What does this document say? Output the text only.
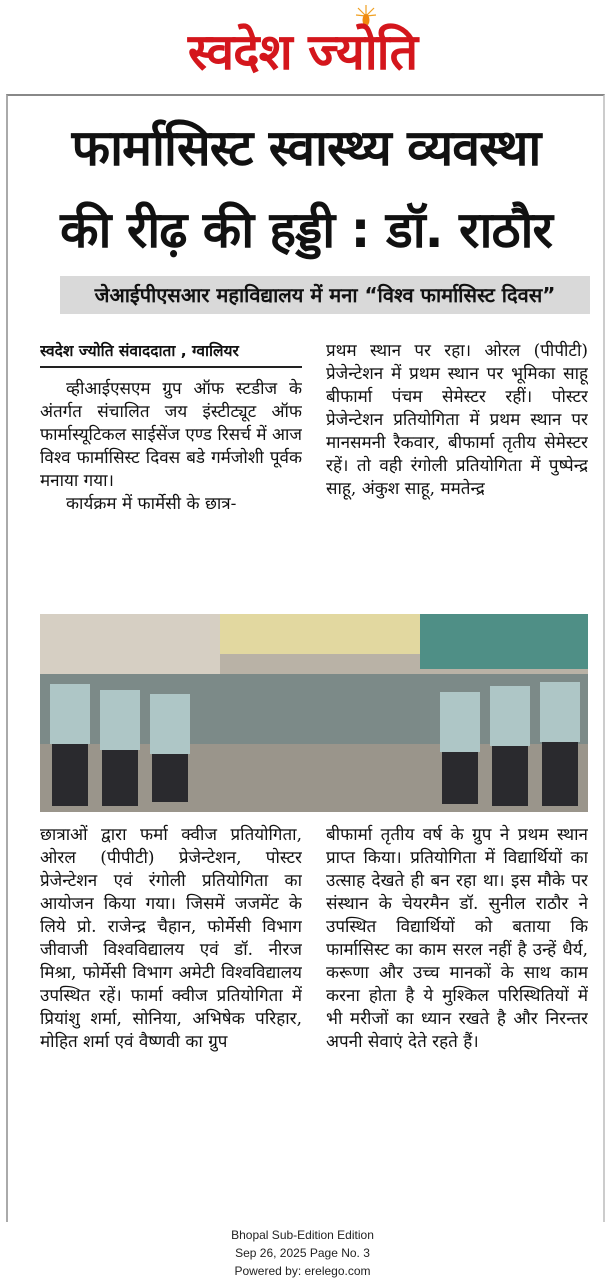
स्वदेश ज्योति
फार्मासिस्ट स्वास्थ्य व्यवस्था
की रीढ़ की हड्डी : डॉ. राठौर
जेआईपीएसआर महाविद्यालय में मना “विश्व फार्मासिस्ट दिवस”
स्वदेश ज्योति संवाददाता , ग्वालियर

व्हीआईएसएम ग्रुप ऑफ स्टडीज के अंतर्गत संचालित जय इंस्टीट्यूट ऑफ फार्मास्यूटिकल साईसेंज एण्ड रिसर्च में आज विश्व फार्मासिस्ट दिवस बडे गर्मजोशी पूर्वक मनाया गया।

कार्यक्रम में फार्मेसी के छात्र-

प्रथम स्थान पर रहा। ओरल (पीपीटी) प्रेजेन्टेशन में प्रथम स्थान पर भूमिका साहू बीफार्मा पंचम सेमेस्टर रहीं। पोस्टर प्रेजेन्टेशन प्रतियोगिता में प्रथम स्थान पर मानसमनी रैकवार, बीफार्मा तृतीय सेमेस्टर रहें। तो वही रंगोली प्रतियोगिता में पुष्पेन्द्र साहू, अंकुश साहू, ममतेन्द्र

छात्राओं द्वारा फर्मा क्वीज प्रतियोगिता, ओरल (पीपीटी) प्रेजेन्टेशन, पोस्टर प्रेजेन्टेशन एवं रंगोली प्रतियोगिता का आयोजन किया गया। जिसमें जजमेंट के लिये प्रो. राजेन्द्र चैहान, फोर्मेसी विभाग जीवाजी विश्वविद्यालय एवं डॉ. नीरज मिश्रा, फोर्मेसी विभाग अमेटी विश्वविद्यालय उपस्थित रहें। फार्मा क्वीज प्रतियोगिता में प्रियांशु शर्मा, सोनिया, अभिषेक परिहार, मोहित शर्मा एवं वैष्णवी का ग्रुप

बीफार्मा तृतीय वर्ष के ग्रुप ने प्रथम स्थान प्राप्त किया। प्रतियोगिता में विद्यार्थियों का उत्साह देखते ही बन रहा था। इस मौके पर संस्थान के चेयरमैन डॉ. सुनील राठौर ने उपस्थित विद्यार्थियों को बताया कि फार्मासिस्ट का काम सरल नहीं है उन्हें धैर्य, करूणा और उच्च मानकों के साथ काम करना होता है ये मुश्किल परिस्थितियों में भी मरीजों का ध्यान रखते है और निरन्तर अपनी सेवाएं देते रहते हैं।

Bhopal Sub-Edition Edition
Sep 26, 2025 Page No. 3
Powered by: erelego.com
